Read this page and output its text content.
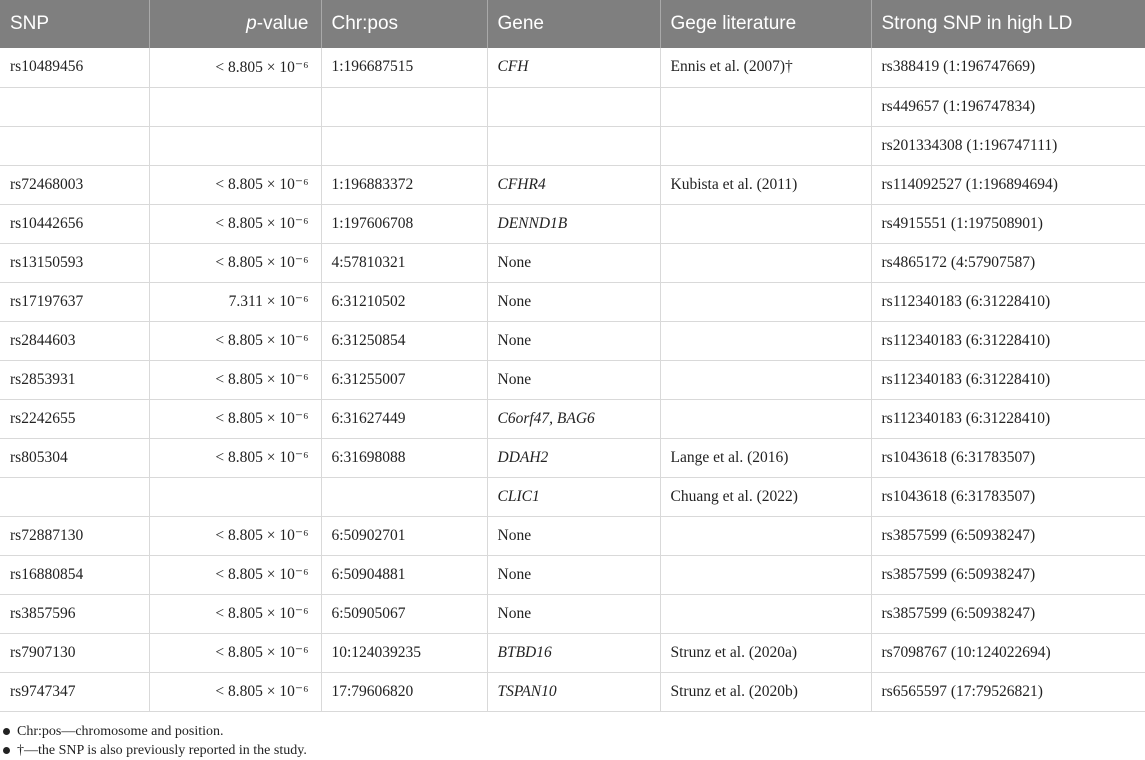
SNP	p-value	Chr:pos	Gene	Gege literature	Strong SNP in high LD
rs10489456	< 8.805 × 10⁻⁶	1:196687515	CFH	Ennis et al. (2007)†	rs388419 (1:196747669)
					rs449657 (1:196747834)
					rs201334308 (1:196747111)
rs72468003	< 8.805 × 10⁻⁶	1:196883372	CFHR4	Kubista et al. (2011)	rs114092527 (1:196894694)
rs10442656	< 8.805 × 10⁻⁶	1:197606708	DENND1B		rs4915551 (1:197508901)
rs13150593	< 8.805 × 10⁻⁶	4:57810321	None		rs4865172 (4:57907587)
rs17197637	7.311 × 10⁻⁶	6:31210502	None		rs112340183 (6:31228410)
rs2844603	< 8.805 × 10⁻⁶	6:31250854	None		rs112340183 (6:31228410)
rs2853931	< 8.805 × 10⁻⁶	6:31255007	None		rs112340183 (6:31228410)
rs2242655	< 8.805 × 10⁻⁶	6:31627449	C6orf47, BAG6		rs112340183 (6:31228410)
rs805304	< 8.805 × 10⁻⁶	6:31698088	DDAH2	Lange et al. (2016)	rs1043618 (6:31783507)
			CLIC1	Chuang et al. (2022)	rs1043618 (6:31783507)
rs72887130	< 8.805 × 10⁻⁶	6:50902701	None		rs3857599 (6:50938247)
rs16880854	< 8.805 × 10⁻⁶	6:50904881	None		rs3857599 (6:50938247)
rs3857596	< 8.805 × 10⁻⁶	6:50905067	None		rs3857599 (6:50938247)
rs7907130	< 8.805 × 10⁻⁶	10:124039235	BTBD16	Strunz et al. (2020a)	rs7098767 (10:124022694)
rs9747347	< 8.805 × 10⁻⁶	17:79606820	TSPAN10	Strunz et al. (2020b)	rs6565597 (17:79526821)
Chr:pos—chromosome and position.
†—the SNP is also previously reported in the study.
